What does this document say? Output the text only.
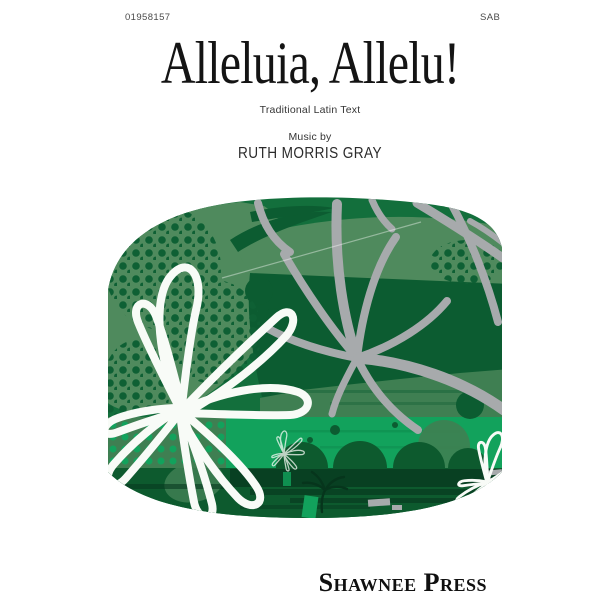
01958157	SAB
Alleluia, Allelu!
Traditional Latin Text
Music by
RUTH MORRIS GRAY
Shawnee Press
